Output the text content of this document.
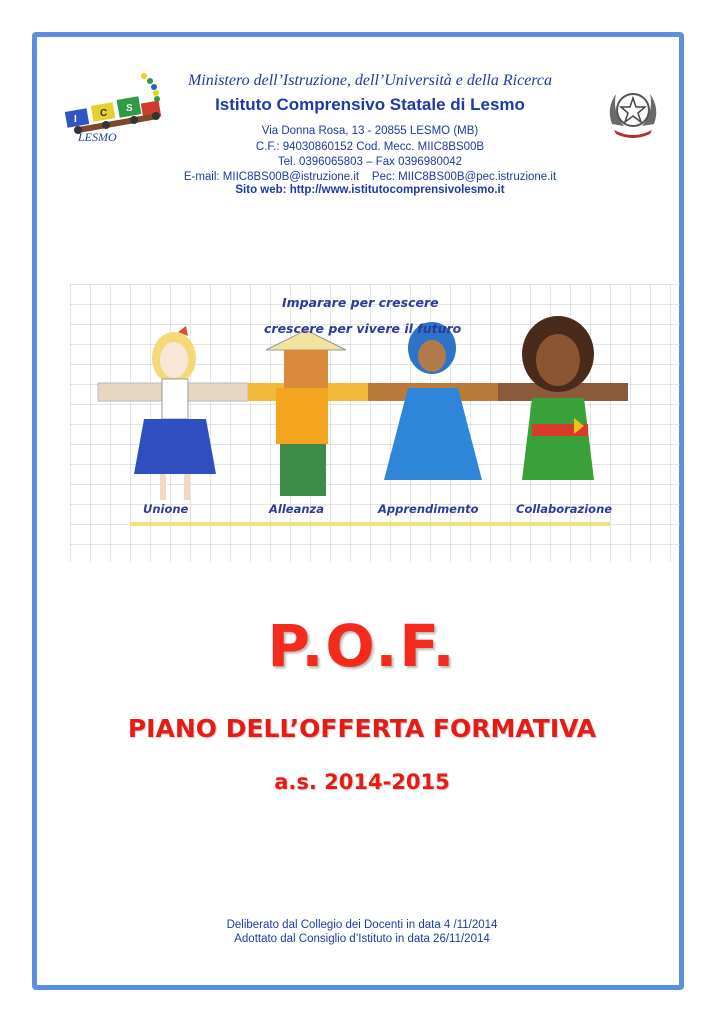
I
C S
LESMO
Ministero dell’Istruzione, dell’Università e della Ricerca
Istituto Comprensivo Statale di Lesmo
Via Donna Rosa, 13 - 20855 LESMO (MB)
C.F.: 94030860152 Cod. Mecc. MIIC8BS00B
Tel. 0396065803 – Fax 0396980042
E-mail: MIIC8BS00B@istruzione.it    Pec: MIIC8BS00B@pec.istruzione.it
Sito web: http://www.istitutocomprensivolesmo.it
Imparare per crescere
crescere per vivere il futuro
Unione	Alleanza	Apprendimento	Collaborazione
P.O.F.
PIANO DELL’OFFERTA FORMATIVA
a.s. 2014-2015
Deliberato dal Collegio dei Docenti in data 4 /11/2014
Adottato dal Consiglio d’Istituto in data 26/11/2014
